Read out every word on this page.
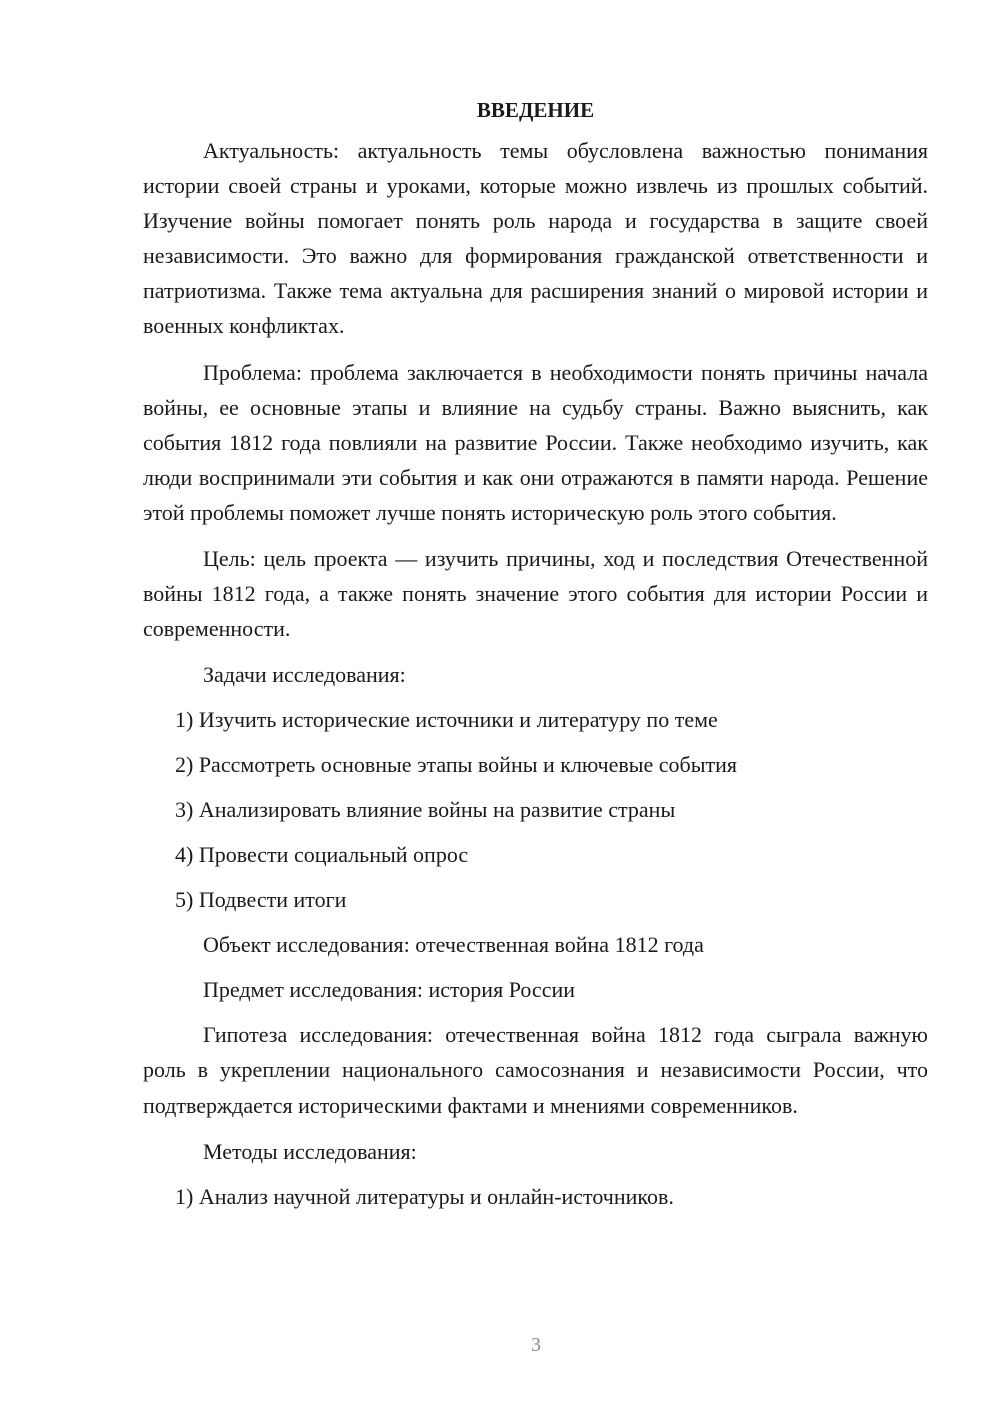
ВВЕДЕНИЕ

Актуальность: актуальность темы обусловлена важностью понимания истории своей страны и уроками, которые можно извлечь из прошлых событий. Изучение войны помогает понять роль народа и государства в защите своей независимости. Это важно для формирования гражданской ответственности и патриотизма. Также тема актуальна для расширения знаний о мировой истории и военных конфликтах.

Проблема: проблема заключается в необходимости понять причины начала войны, ее основные этапы и влияние на судьбу страны. Важно выяснить, как события 1812 года повлияли на развитие России. Также необходимо изучить, как люди воспринимали эти события и как они отражаются в памяти народа. Решение этой проблемы поможет лучше понять историческую роль этого события.

Цель: цель проекта — изучить причины, ход и последствия Отечественной войны 1812 года, а также понять значение этого события для истории России и современности.

Задачи исследования:
1) Изучить исторические источники и литературу по теме
2) Рассмотреть основные этапы войны и ключевые события
3) Анализировать влияние войны на развитие страны
4) Провести социальный опрос
5) Подвести итоги
Объект исследования: отечественная война 1812 года
Предмет исследования: история России

Гипотеза исследования: отечественная война 1812 года сыграла важную роль в укреплении национального самосознания и независимости России, что подтверждается историческими фактами и мнениями современников.

Методы исследования:
1) Анализ научной литературы и онлайн-источников.
3
